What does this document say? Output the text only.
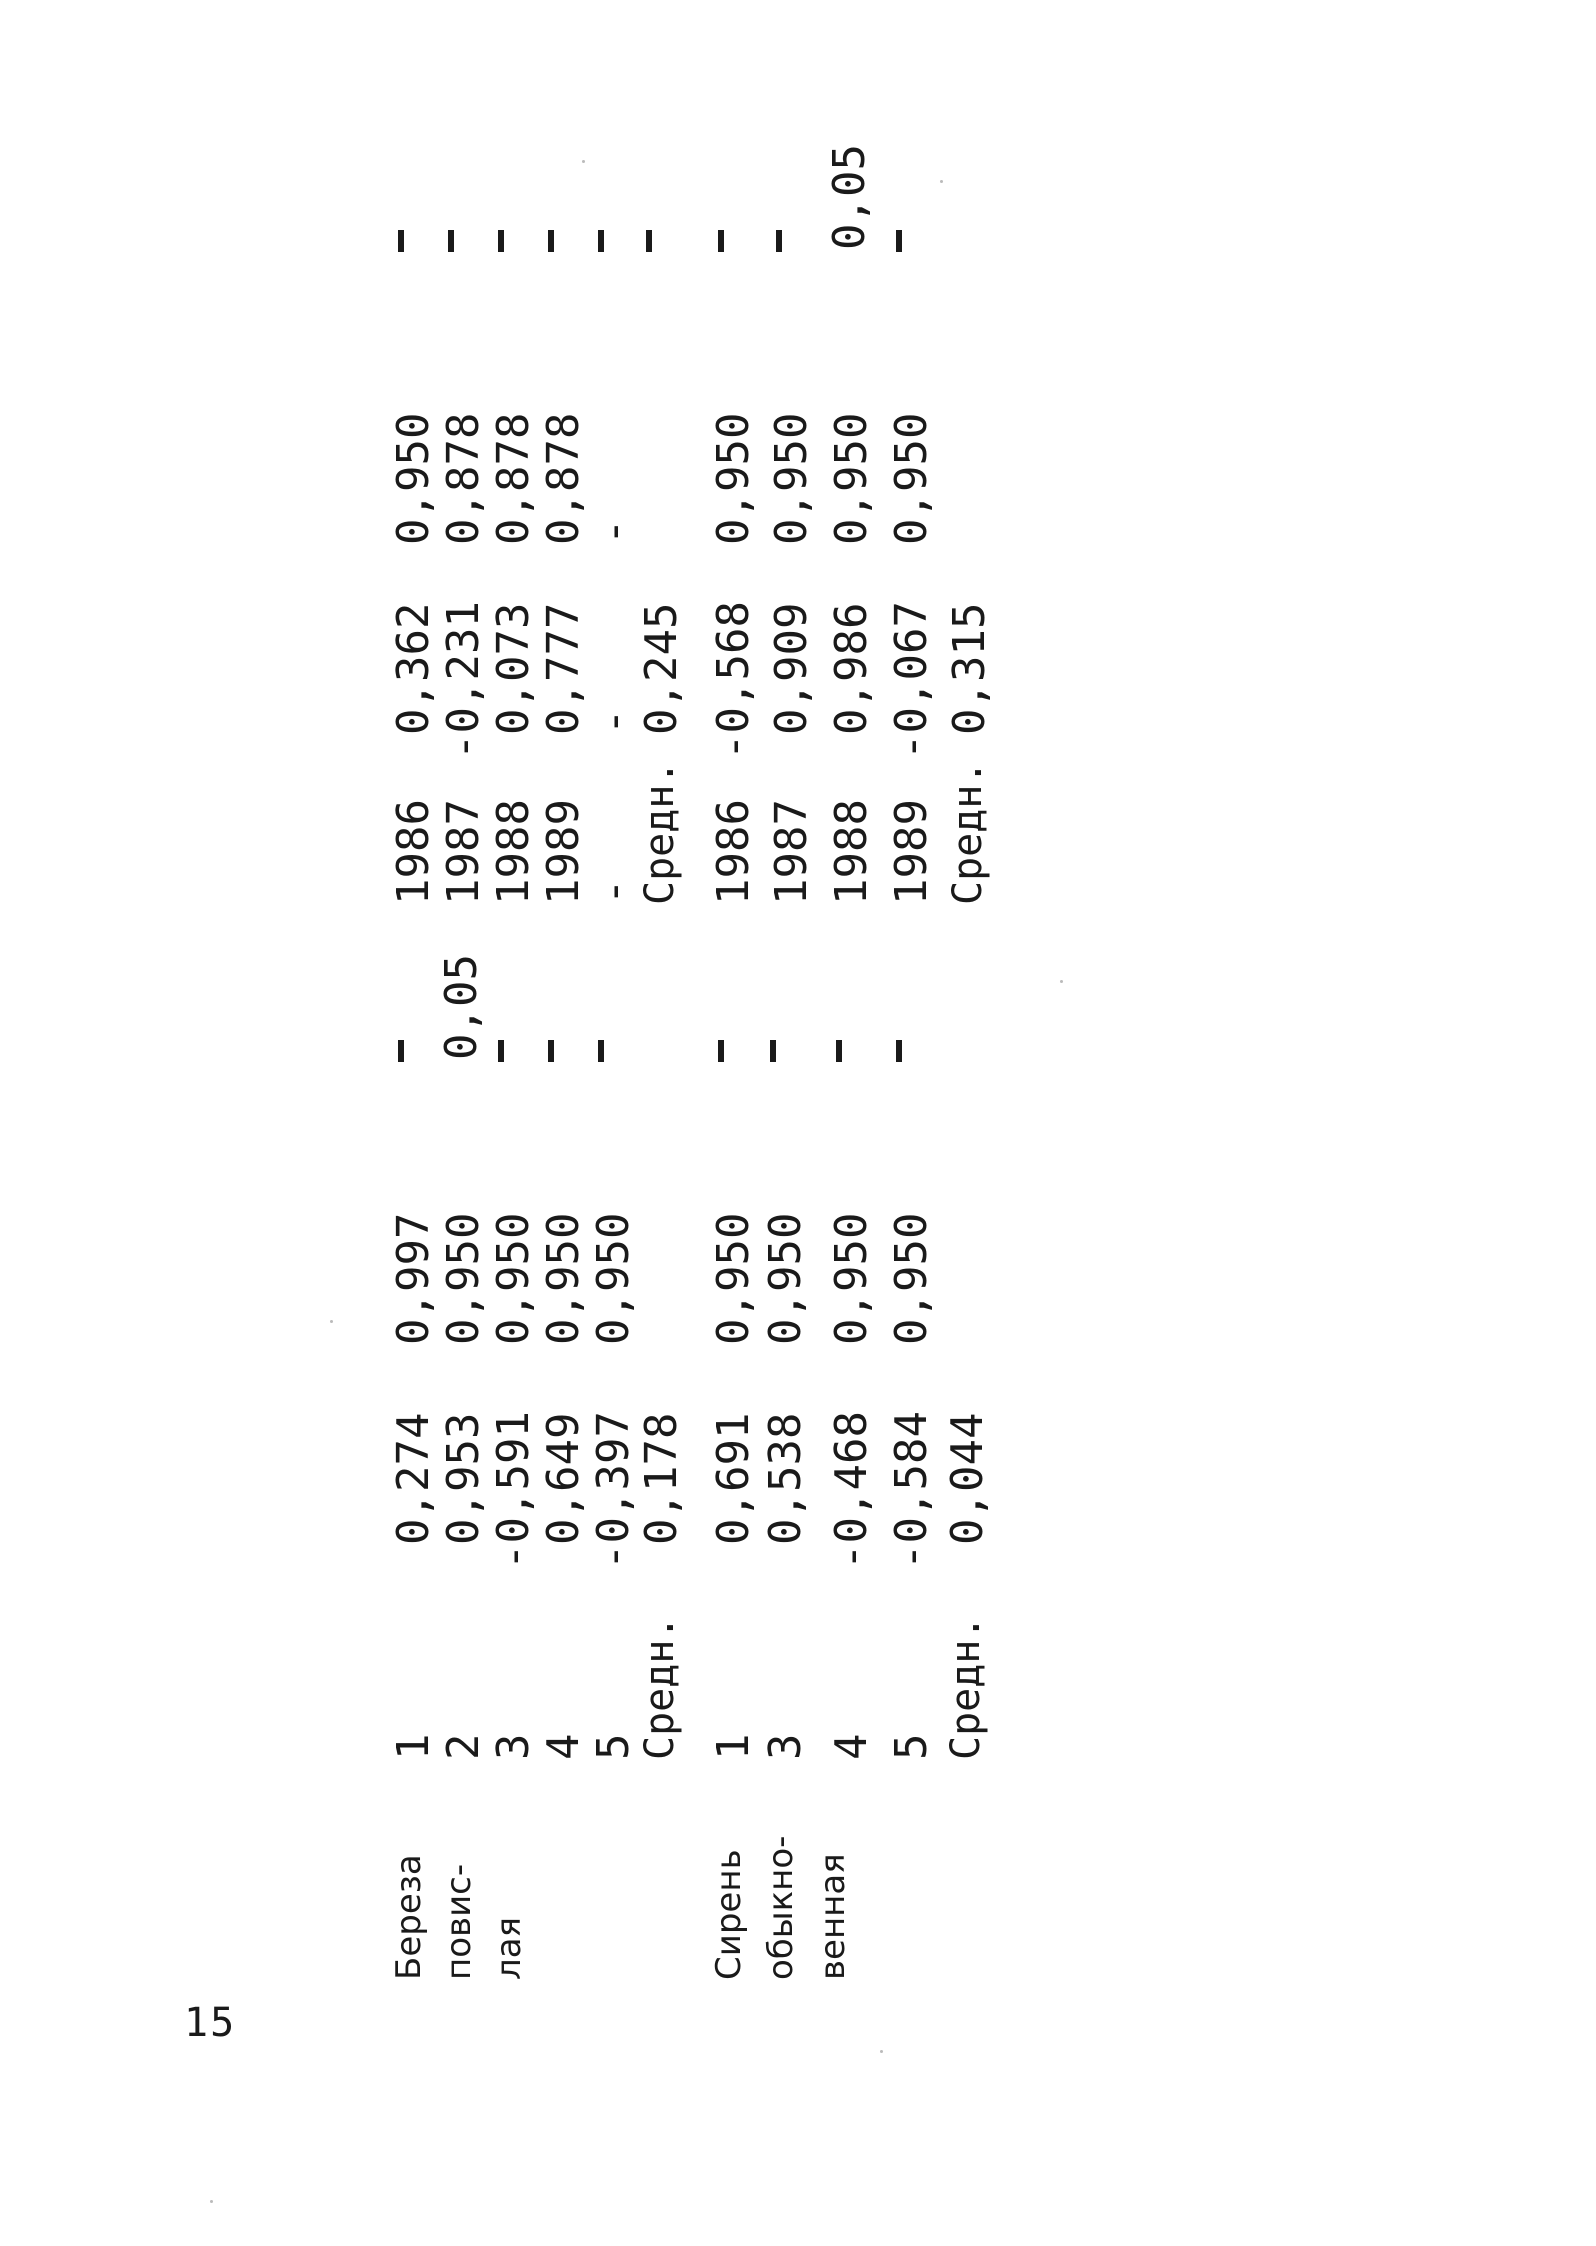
15
Береза повис- лая	Сирень обыкно- венная
1 2 3 4 5
Средн.
0,274 0,953 -0,591 0,649 -0,397
0,178
0,997 0,950 0,950 0,950 0,950
0,05
1 3 4 5 Средн.
0,691 0,538 -0,468 -0,584 0,044
0,950 0,950 0,950 0,950
1986 1987 1988 1989 -
Средн.
0,362 -0,231 0,073 0,777 -
0,245
0,950 0,878 0,878 0,878 -
1986 1987 1988 1989 Средн.
-0,568 0,909 0,986 -0,067 0,315
0,950 0,950 0,950 0,950
0,05
